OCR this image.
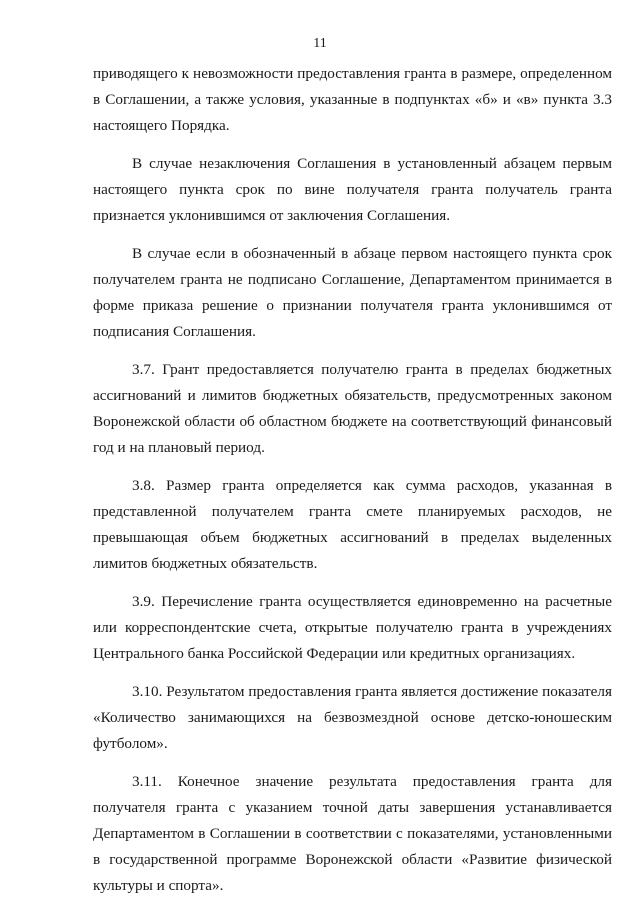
11

приводящего к невозможности предоставления гранта в размере, определенном в Соглашении, а также условия, указанные в подпунктах «б» и «в» пункта 3.3 настоящего Порядка.

В случае незаключения Соглашения в установленный абзацем первым настоящего пункта срок по вине получателя гранта получатель гранта признается уклонившимся от заключения Соглашения.

В случае если в обозначенный в абзаце первом настоящего пункта срок получателем гранта не подписано Соглашение, Департаментом принимается в форме приказа решение о признании получателя гранта уклонившимся от подписания Соглашения.

3.7. Грант предоставляется получателю гранта в пределах бюджетных ассигнований и лимитов бюджетных обязательств, предусмотренных законом Воронежской области об областном бюджете на соответствующий финансовый год и на плановый период.

3.8. Размер гранта определяется как сумма расходов, указанная в представленной получателем гранта смете планируемых расходов, не превышающая объем бюджетных ассигнований в пределах выделенных лимитов бюджетных обязательств.

3.9. Перечисление гранта осуществляется единовременно на расчетные или корреспондентские счета, открытые получателю гранта в учреждениях Центрального банка Российской Федерации или кредитных организациях.

3.10. Результатом предоставления гранта является достижение показателя «Количество занимающихся на безвозмездной основе детско-юношеским футболом».

3.11. Конечное значение результата предоставления гранта для получателя гранта с указанием точной даты завершения устанавливается Департаментом в Соглашении в соответствии с показателями, установленными в государственной программе Воронежской области «Развитие физической культуры и спорта».
